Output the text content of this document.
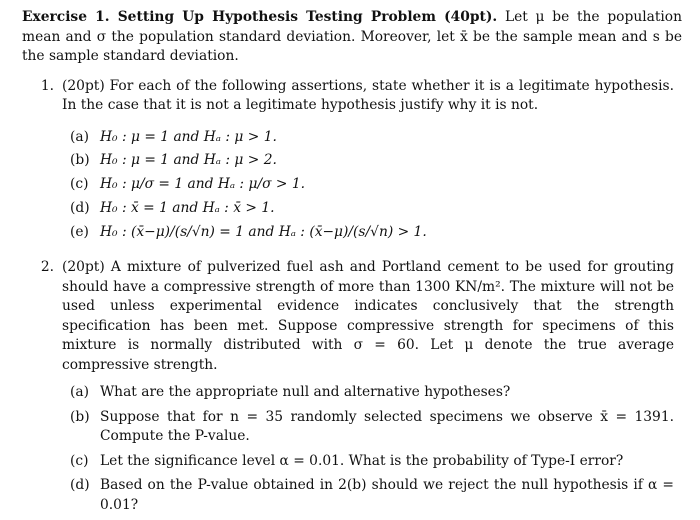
Exercise 1. Setting Up Hypothesis Testing Problem (40pt). Let μ be the population mean and σ the population standard deviation. Moreover, let x̄ be the sample mean and s be the sample standard deviation.

1. (20pt) For each of the following assertions, state whether it is a legitimate hypothesis. In the case that it is not a legitimate hypothesis justify why it is not.
(a) H₀ : μ = 1 and Hₐ : μ > 1.
(b) H₀ : μ = 1 and Hₐ : μ > 2.
(c) H₀ : μ/σ = 1 and Hₐ : μ/σ > 1.
(d) H₀ : x̄ = 1 and Hₐ : x̄ > 1.
(e) H₀ : (x̄−μ)/(s/√n) = 1 and Hₐ : (x̄−μ)/(s/√n) > 1.
2. (20pt) A mixture of pulverized fuel ash and Portland cement to be used for grouting should have a compressive strength of more than 1300 KN/m². The mixture will not be used unless experimental evidence indicates conclusively that the strength specification has been met. Suppose compressive strength for specimens of this mixture is normally distributed with σ = 60. Let μ denote the true average compressive strength.
(a) What are the appropriate null and alternative hypotheses?
(b) Suppose that for n = 35 randomly selected specimens we observe x̄ = 1391. Compute the P-value.
(c) Let the significance level α = 0.01. What is the probability of Type-I error?
(d) Based on the P-value obtained in 2(b) should we reject the null hypothesis if α = 0.01?
